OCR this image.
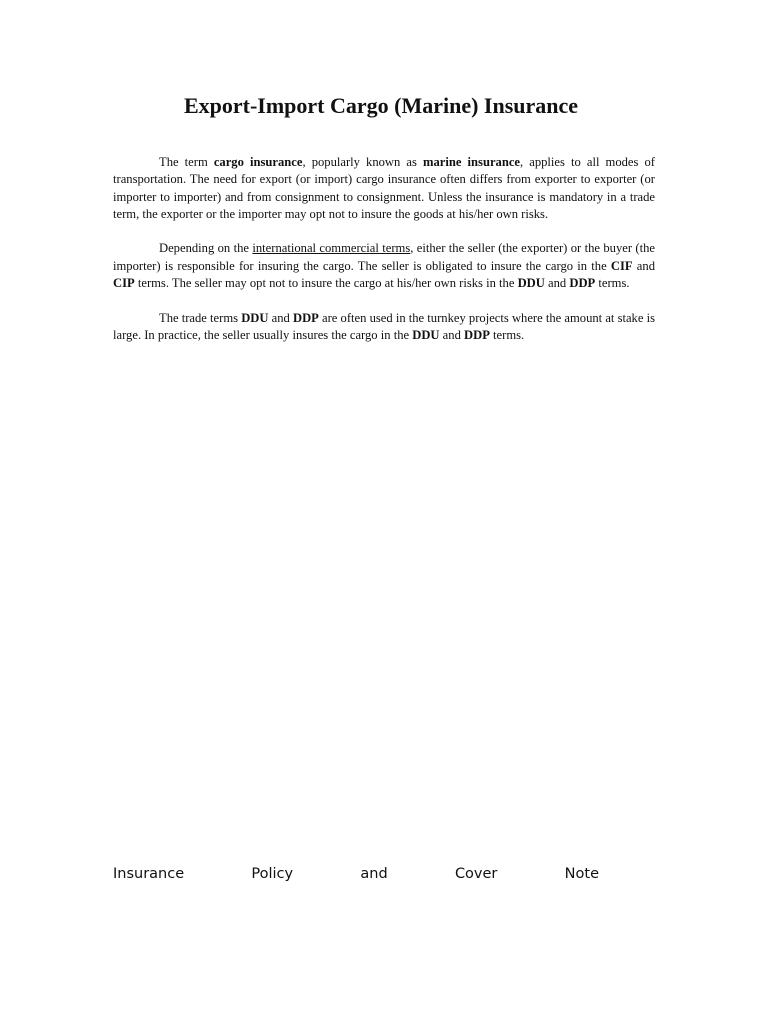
Export-Import Cargo (Marine) Insurance

The term cargo insurance, popularly known as marine insurance, applies to all modes of transportation. The need for export (or import) cargo insurance often differs from exporter to exporter (or importer to importer) and from consignment to consignment. Unless the insurance is mandatory in a trade term, the exporter or the importer may opt not to insure the goods at his/her own risks.

Depending on the international commercial terms, either the seller (the exporter) or the buyer (the importer) is responsible for insuring the cargo. The seller is obligated to insure the cargo in the CIF and CIP terms. The seller may opt not to insure the cargo at his/her own risks in the DDU and DDP terms.

The trade terms DDU and DDP are often used in the turnkey projects where the amount at stake is large. In practice, the seller usually insures the cargo in the DDU and DDP terms.

Insurance	Policy	and	Cover	Note
